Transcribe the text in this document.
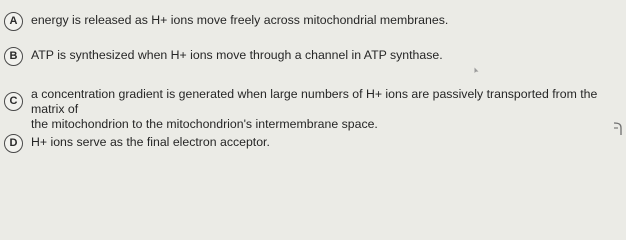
A	energy is released as H+ ions move freely across mitochondrial membranes.
B	ATP is synthesized when H+ ions move through a channel in ATP synthase.
C	a concentration gradient is generated when large numbers of H+ ions are passively transported from the matrix of
the mitochondrion to the mitochondrion's intermembrane space.
D	H+ ions serve as the final electron acceptor.
